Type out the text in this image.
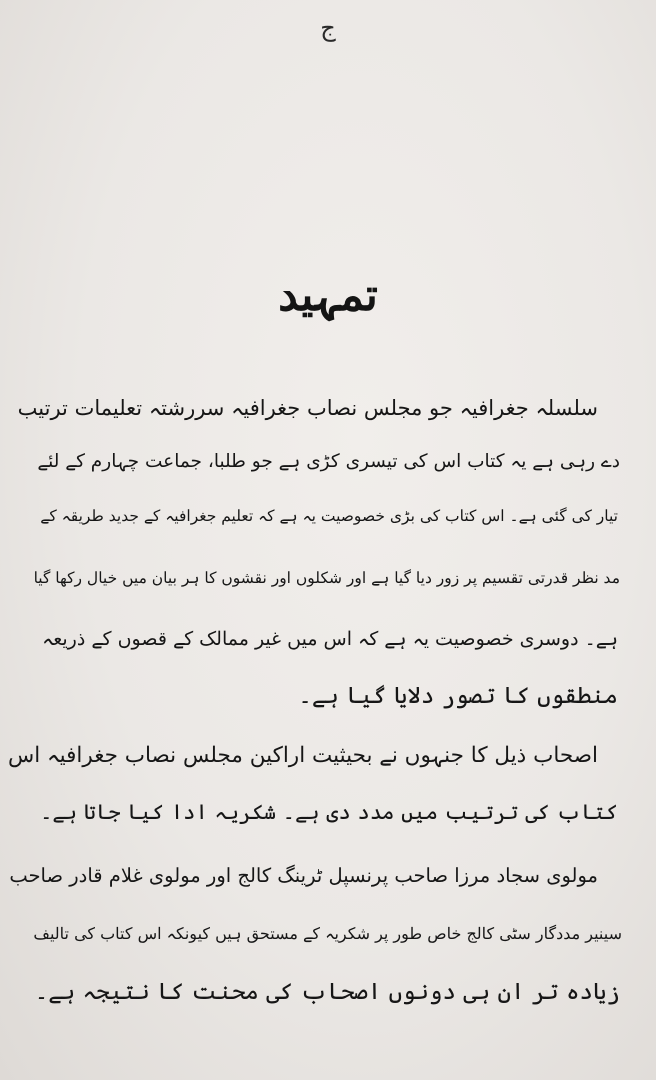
ج
تمہید
سلسلہ جغرافیہ جو مجلس نصاب جغرافیہ سررشتہ تعلیمات ترتیب
دے رہی ہے یہ کتاب اس کی تیسری کڑی ہے جو طلبا، جماعت چہارم کے لئے
تیار کی گئی ہے۔ اس کتاب کی بڑی خصوصیت یہ ہے کہ تعلیم جغرافیہ کے جدید طریقہ کے
مد نظر قدرتی تقسیم پر زور دیا گیا ہے اور شکلوں اور نقشوں کا ہر بیان میں خیال رکھا گیا
ہے۔ دوسری خصوصیت یہ ہے کہ اس میں غیر ممالک کے قصوں کے ذریعہ
منطقوں کا تصور دلایا گیا ہے۔
اصحاب ذیل کا جنہوں نے بحیثیت اراکین مجلس نصاب جغرافیہ اس
کتاب کی ترتیب میں مدد دی ہے۔ شکریہ ادا کیا جاتا ہے۔
مولوی سجاد مرزا صاحب پرنسپل ٹرینگ کالج اور مولوی غلام قادر صاحب
سینیر مددگار سٹی کالج خاص طور پر شکریہ کے مستحق ہیں کیونکہ اس کتاب کی تالیف
زیادہ تر ان ہی دونوں اصحاب کی محنت کا نتیجہ ہے۔
